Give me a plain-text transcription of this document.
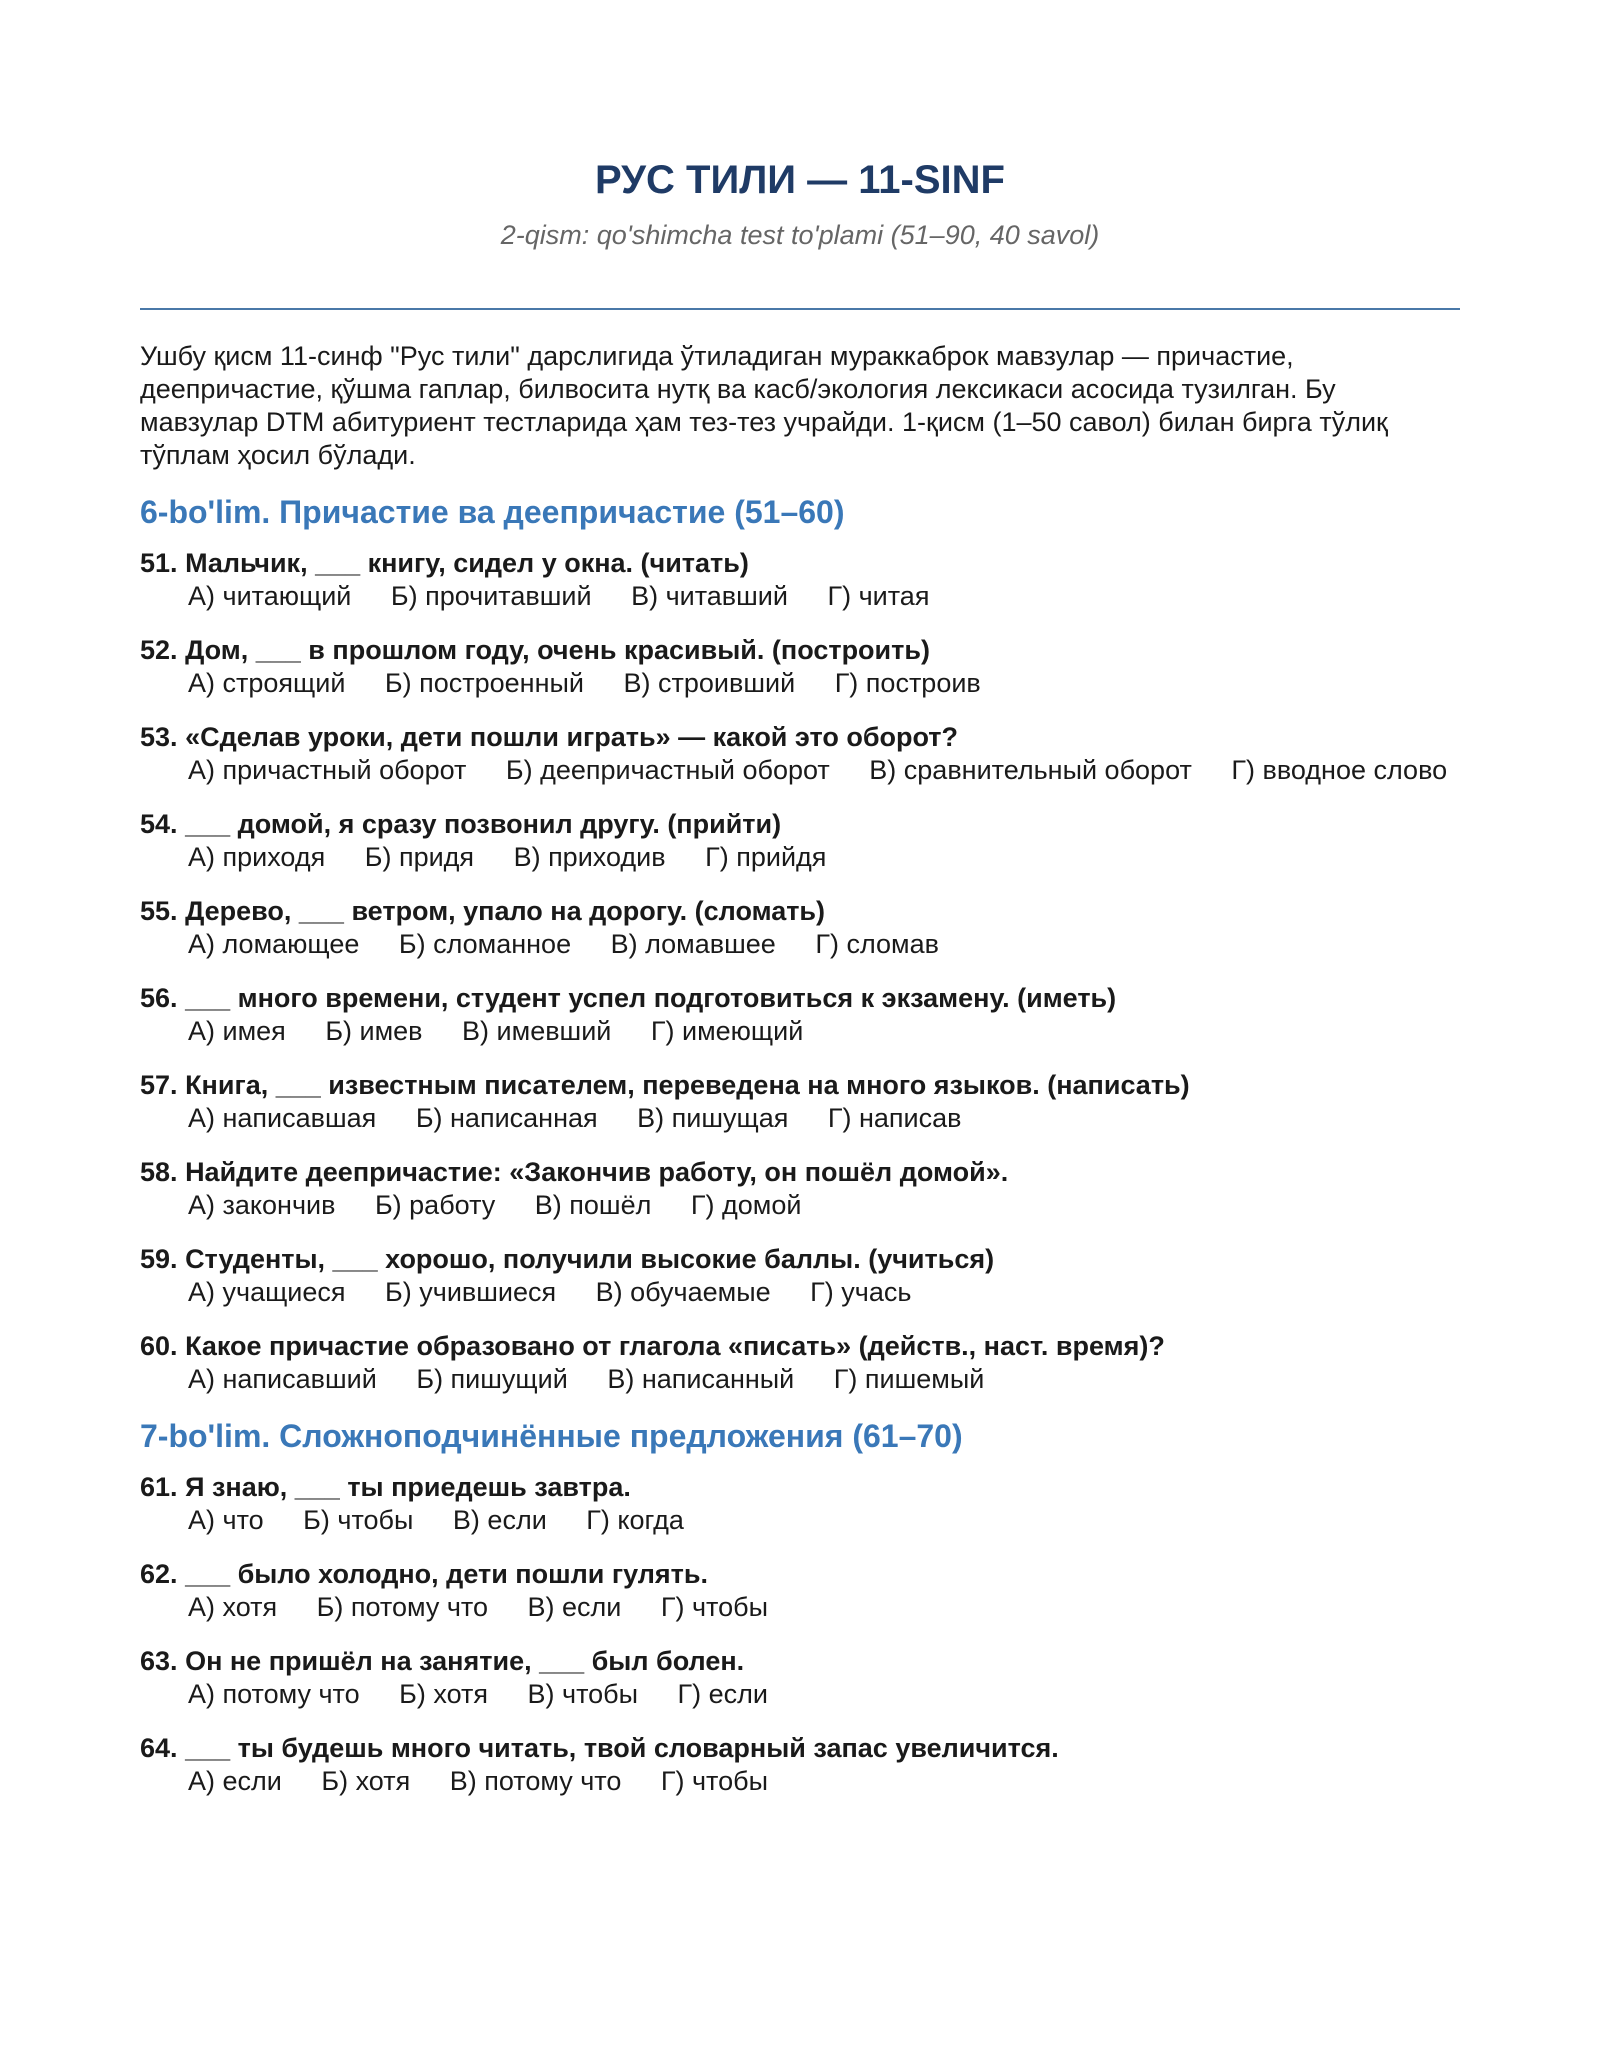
РУС ТИЛИ — 11-SINF

2-qism: qo'shimcha test to'plami (51–90, 40 savol)

Ушбу қисм 11-синф "Рус тили" дарслигида ўтиладиган мураккаброк мавзулар — причастие, деепричастие, қўшма гаплар, билвосита нутқ ва касб/экология лексикаси асосида тузилган. Бу мавзулар DTM абитуриент тестларида ҳам тез-тез учрайди. 1-қисм (1–50 савол) билан бирга тўлиқ тўплам ҳосил бўлади.

6-bo'lim. Причастие ва деепричастие (51–60)
51. Мальчик, ___ книгу, сидел у окна. (читать)
А) читающий Б) прочитавший В) читавший Г) читая
52. Дом, ___ в прошлом году, очень красивый. (построить)
А) строящий Б) построенный В) строивший Г) построив
53. «Сделав уроки, дети пошли играть» — какой это оборот?
А) причастный оборот Б) деепричастный оборот В) сравнительный оборот Г) вводное слово
54. ___ домой, я сразу позвонил другу. (прийти)
А) приходя Б) придя В) приходив Г) прийдя
55. Дерево, ___ ветром, упало на дорогу. (сломать)
А) ломающее Б) сломанное В) ломавшее Г) сломав
56. ___ много времени, студент успел подготовиться к экзамену. (иметь)
А) имея Б) имев В) имевший Г) имеющий
57. Книга, ___ известным писателем, переведена на много языков. (написать)
А) написавшая Б) написанная В) пишущая Г) написав
58. Найдите деепричастие: «Закончив работу, он пошёл домой».
А) закончив Б) работу В) пошёл Г) домой
59. Студенты, ___ хорошо, получили высокие баллы. (учиться)
А) учащиеся Б) учившиеся В) обучаемые Г) учась
60. Какое причастие образовано от глагола «писать» (действ., наст. время)?
А) написавший Б) пишущий В) написанный Г) пишемый
7-bo'lim. Сложноподчинённые предложения (61–70)
61. Я знаю, ___ ты приедешь завтра.
А) что Б) чтобы В) если Г) когда
62. ___ было холодно, дети пошли гулять.
А) хотя Б) потому что В) если Г) чтобы
63. Он не пришёл на занятие, ___ был болен.
А) потому что Б) хотя В) чтобы Г) если
64. ___ ты будешь много читать, твой словарный запас увеличится.
А) если Б) хотя В) потому что Г) чтобы
